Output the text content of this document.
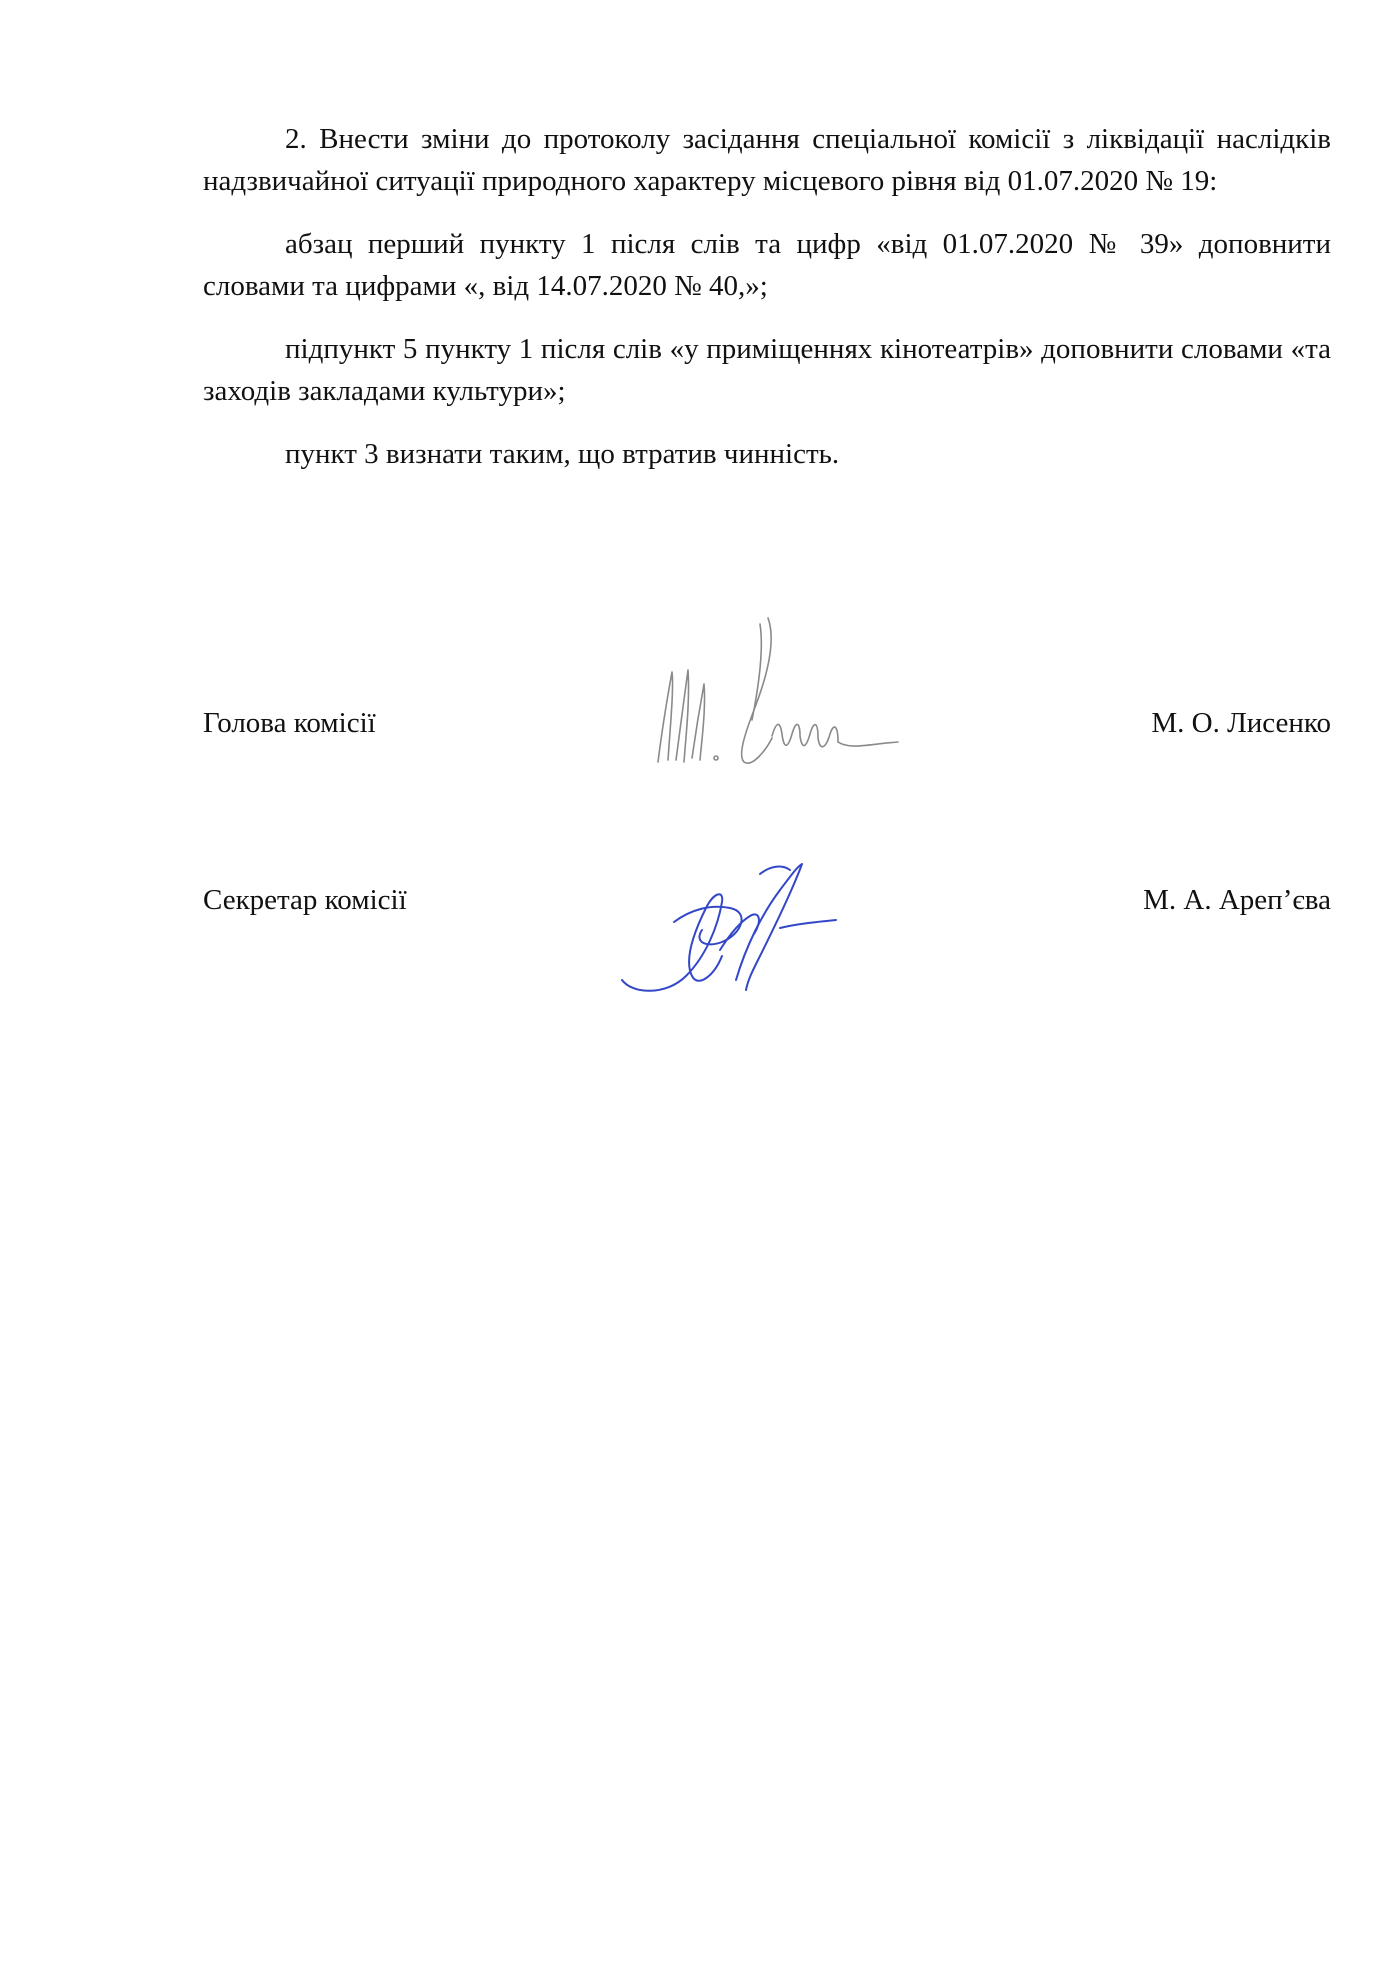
2. Внести зміни до протоколу засідання спеціальної комісії з ліквідації наслідків надзвичайної ситуації природного характеру місцевого рівня від 01.07.2020 № 19:

абзац перший пункту 1 після слів та цифр «від 01.07.2020 № 39» доповнити словами та цифрами «, від 14.07.2020 № 40,»;

підпункт 5 пункту 1 після слів «у приміщеннях кінотеатрів» доповнити словами «та заходів закладами культури»;

пункт 3 визнати таким, що втратив чинність.

Голова комісії	М. О. Лисенко
Секретар комісії	М. А. Ареп’єва
